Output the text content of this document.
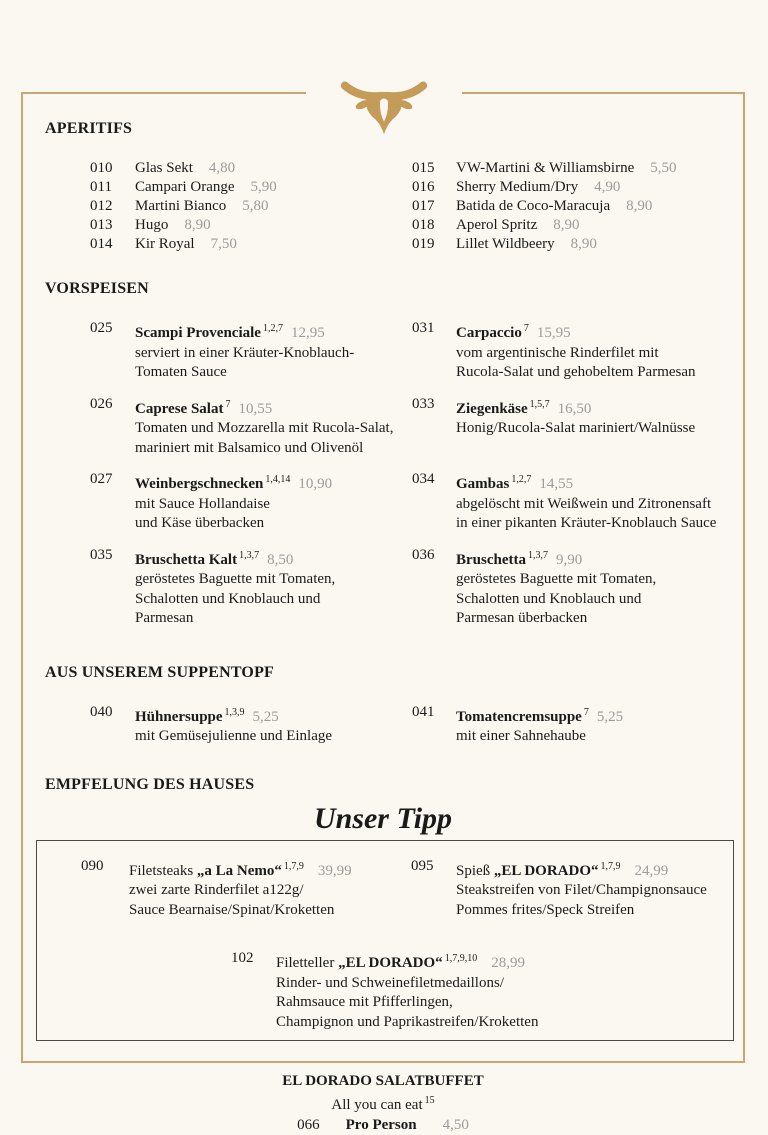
APERITIFS
010	Glas Sekt 4,80	015	VW-Martini & Williamsbirne 5,50
011	Campari Orange 5,90	016	Sherry Medium/Dry 4,90
012	Martini Bianco 5,80	017	Batida de Coco-Maracuja 8,90
013	Hugo 8,90	018	Aperol Spritz 8,90
014	Kir Royal 7,50	019	Lillet Wildbeery 8,90
VORSPEISEN
025	Scampi Provenciale $^{1,2,7}$ 12,95
serviert in einer Kräuter-Knoblauch-
Tomaten Sauce
031	Carpaccio $^7$ 15,95
vom argentinische Rinderfilet mit
Rucola-Salat und gehobeltem Parmesan
026	Caprese Salat $^7$ 10,55
Tomaten und Mozzarella mit Rucola-Salat,
mariniert mit Balsamico und Olivenöl
033	Ziegenkäse $^{1,5,7}$ 16,50
Honig/Rucola-Salat mariniert/Walnüsse
027	Weinbergschnecken $^{1,4,14}$ 10,90
mit Sauce Hollandaise
und Käse überbacken
034	Gambas $^{1,2,7}$ 14,55
abgelöscht mit Weißwein und Zitronensaft
in einer pikanten Kräuter-Knoblauch Sauce
035	Bruschetta Kalt $^{1,3,7}$ 8,50
geröstetes Baguette mit Tomaten,
Schalotten und Knoblauch und
Parmesan
036	Bruschetta $^{1,3,7}$ 9,90
geröstetes Baguette mit Tomaten,
Schalotten und Knoblauch und
Parmesan überbacken
AUS UNSEREM SUPPENTOPF
040	Hühnersuppe $^{1,3,9}$ 5,25
mit Gemüsejulienne und Einlage
041	Tomatencremsuppe $^7$ 5,25
mit einer Sahnehaube
EMPFELUNG DES HAUSES
Unser Tipp
090	Filetsteaks „a La Nemo“ $^{1,7,9}$ 39,99
zwei zarte Rinderfilet a122g/
Sauce Bearnaise/Spinat/Kroketten
095	Spieß „EL DORADO“ $^{1,7,9}$ 24,99
Steakstreifen von Filet/Champignonsauce
Pommes frites/Speck Streifen
102	Filetteller „EL DORADO“ $^{1,7,9,10}$ 28,99
Rinder- und Schweinefiletmedaillons/
Rahmsauce mit Pfifferlingen,
Champignon und Paprikastreifen/Kroketten
EL DORADO SALATBUFFET
All you can eat $^{15}$
066 Pro Person 4,50
